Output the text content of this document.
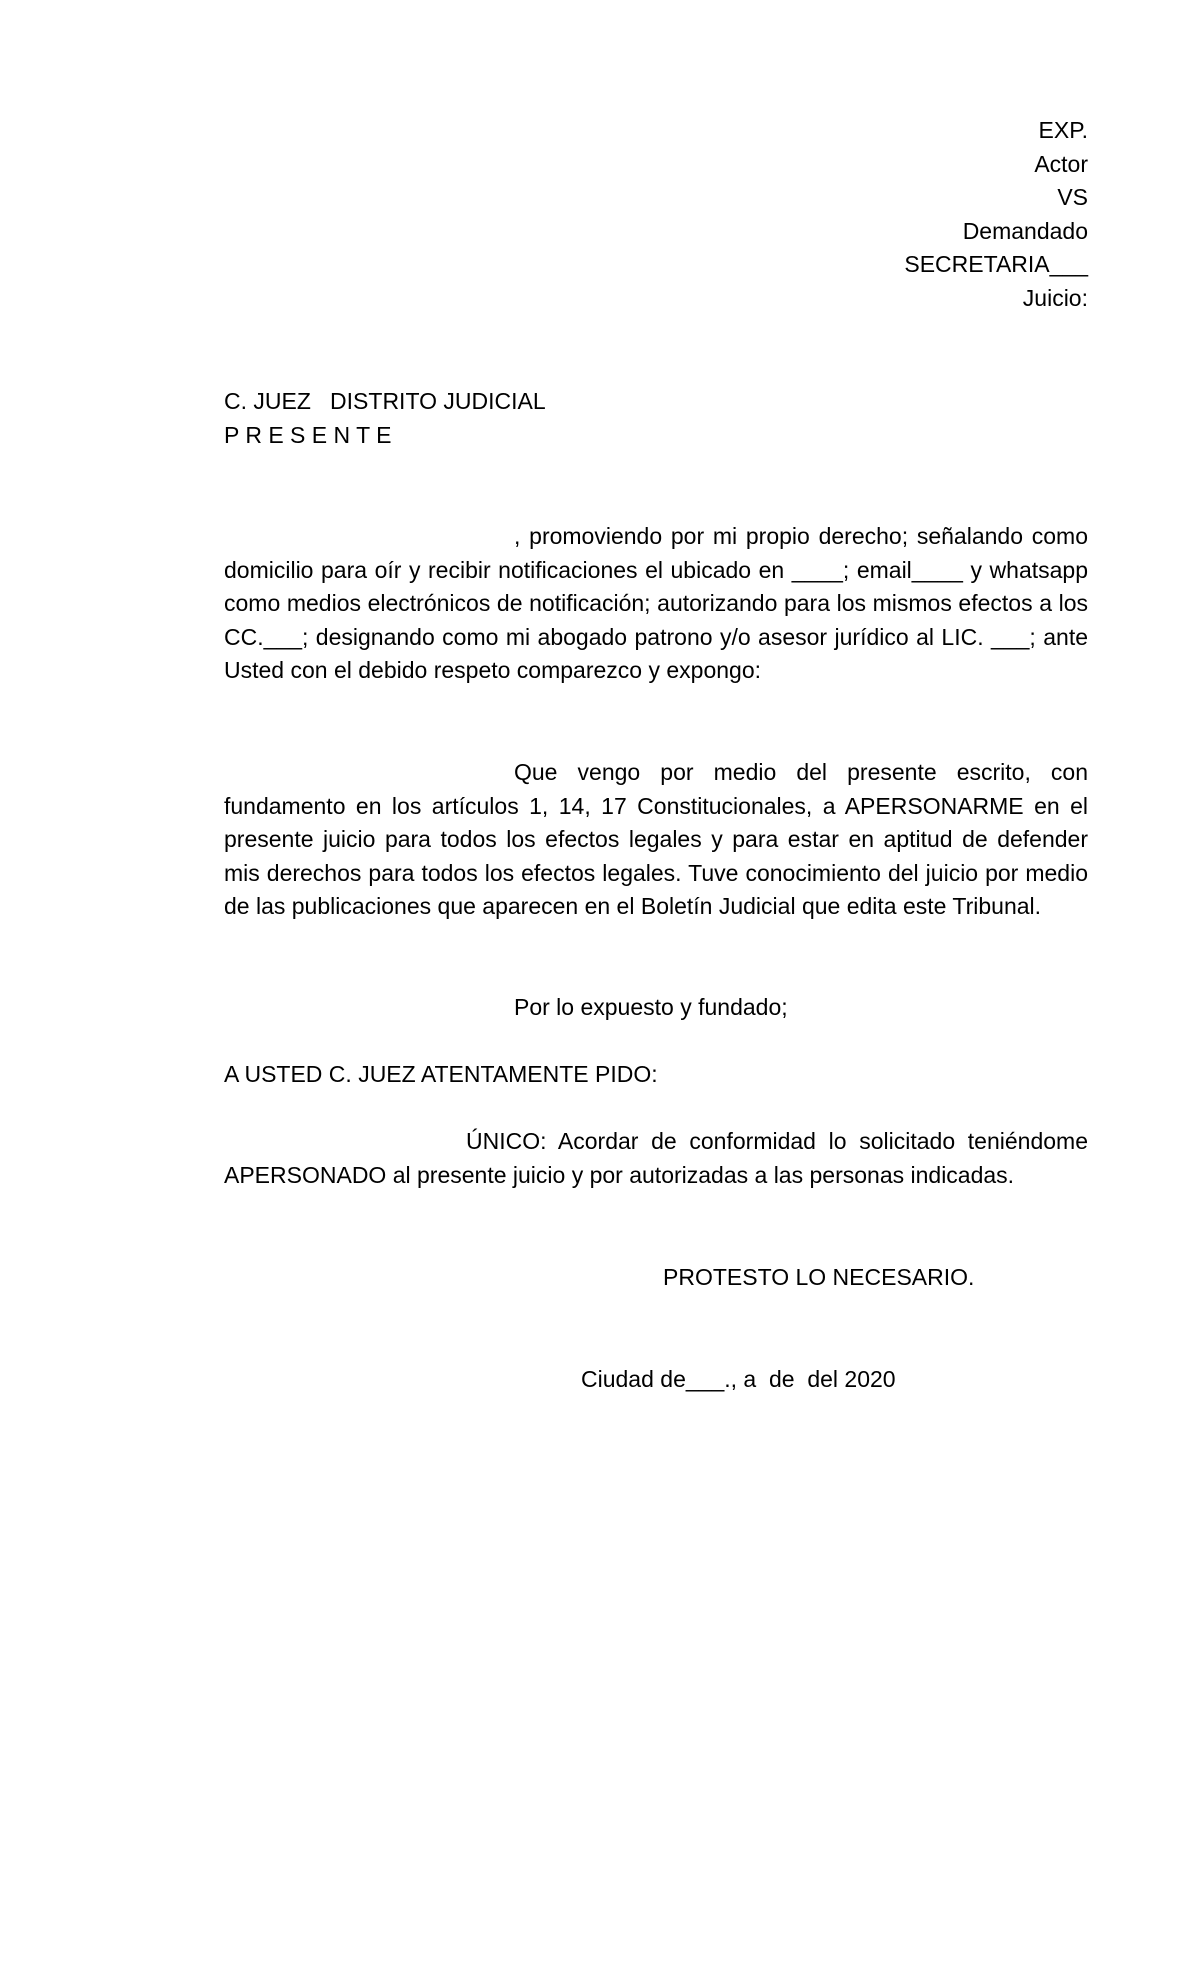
EXP.
Actor
VS
Demandado
SECRETARIA___
Juicio:
C. JUEZ   DISTRITO JUDICIAL
P R E S E N T E
, promoviendo por mi propio derecho; señalando como domicilio para oír y recibir notificaciones el ubicado en ____; email____ y whatsapp como medios electrónicos de notificación; autorizando para los mismos efectos a los CC.___; designando como mi abogado patrono y/o asesor jurídico al LIC. ___; ante Usted con el debido respeto comparezco y expongo:
Que vengo por medio del presente escrito, con fundamento en los artículos 1, 14, 17 Constitucionales, a APERSONARME en el presente juicio para todos los efectos legales y para estar en aptitud de defender mis derechos para todos los efectos legales. Tuve conocimiento del juicio por medio de las publicaciones que aparecen en el Boletín Judicial que edita este Tribunal.
Por lo expuesto y fundado;
A USTED C. JUEZ ATENTAMENTE PIDO:
ÚNICO: Acordar de conformidad lo solicitado teniéndome APERSONADO al presente juicio y por autorizadas a las personas indicadas.
PROTESTO LO NECESARIO.
Ciudad de___., a  de  del 2020
